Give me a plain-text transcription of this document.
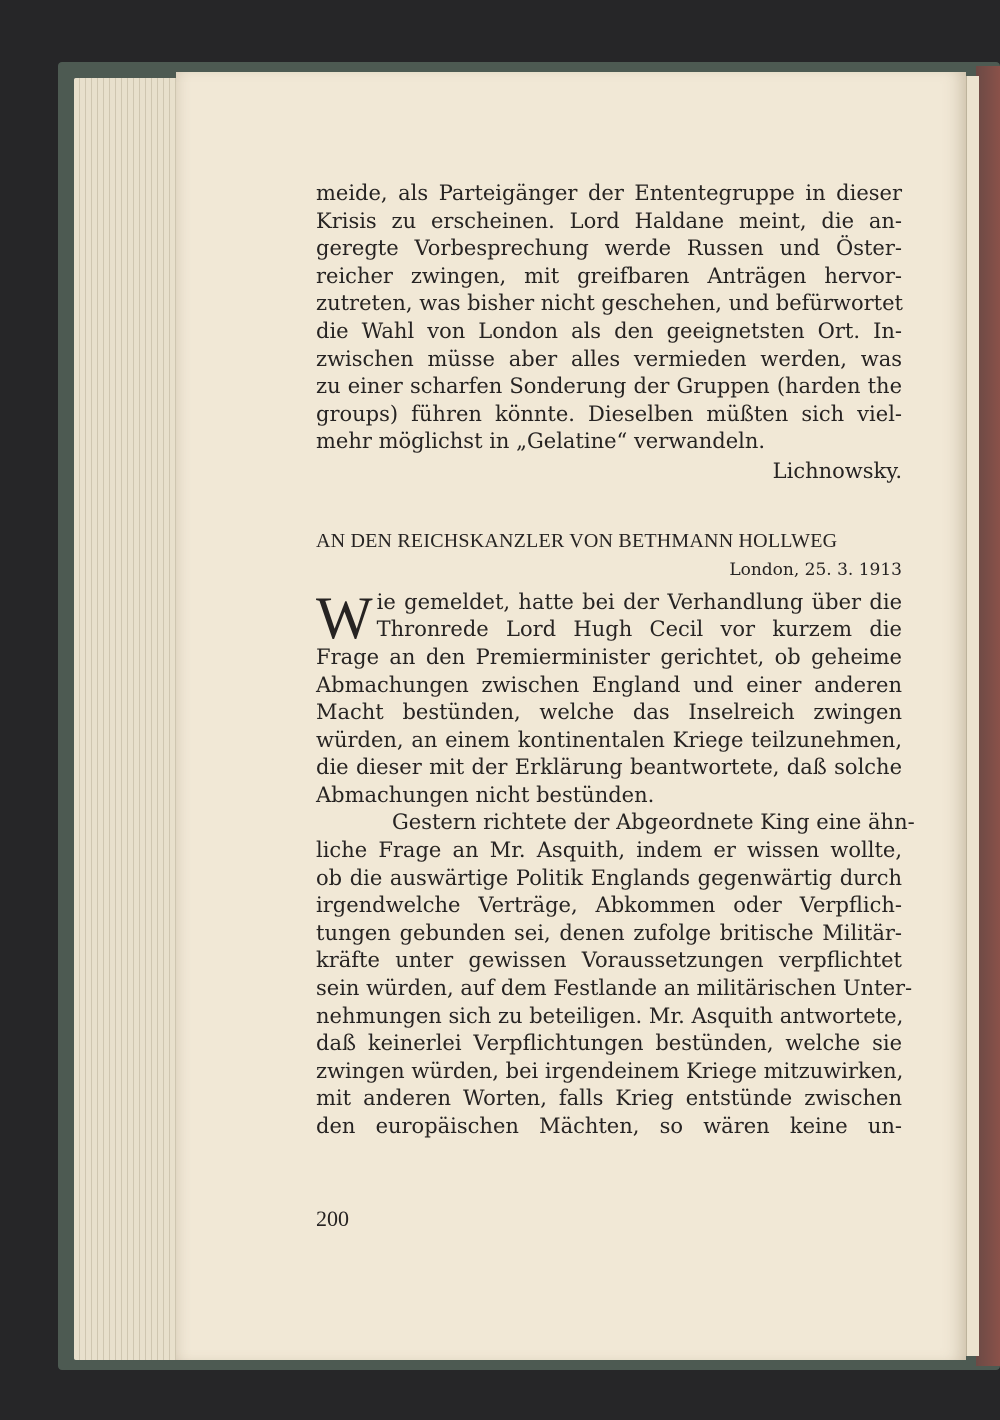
meide, als Parteigänger der Ententegruppe in dieser
Krisis zu erscheinen. Lord Haldane meint, die an-
geregte Vorbesprechung werde Russen und Öster-
reicher zwingen, mit greifbaren Anträgen hervor-
zutreten, was bisher nicht geschehen, und befürwortet
die Wahl von London als den geeignetsten Ort. In-
zwischen müsse aber alles vermieden werden, was
zu einer scharfen Sonderung der Gruppen (harden the
groups) führen könnte. Dieselben müßten sich viel-
mehr möglichst in „Gelatine“ verwandeln.

Lichnowsky.
AN DEN REICHSKANZLER VON BETHMANN HOLLWEG
London, 25. 3. 1913

W ie gemeldet, hatte bei der Verhandlung über die
Thronrede Lord Hugh Cecil vor kurzem die
Frage an den Premierminister gerichtet, ob geheime
Abmachungen zwischen England und einer anderen
Macht bestünden, welche das Inselreich zwingen
würden, an einem kontinentalen Kriege teilzunehmen,
die dieser mit der Erklärung beantwortete, daß solche
Abmachungen nicht bestünden.

Gestern richtete der Abgeordnete King eine ähn-
liche Frage an Mr. Asquith, indem er wissen wollte,
ob die auswärtige Politik Englands gegenwärtig durch
irgendwelche Verträge, Abkommen oder Verpflich-
tungen gebunden sei, denen zufolge britische Militär-
kräfte unter gewissen Voraussetzungen verpflichtet
sein würden, auf dem Festlande an militärischen Unter-
nehmungen sich zu beteiligen. Mr. Asquith antwortete,
daß keinerlei Verpflichtungen bestünden, welche sie
zwingen würden, bei irgendeinem Kriege mitzuwirken,
mit anderen Worten, falls Krieg entstünde zwischen
den europäischen Mächten, so wären keine un-

200
